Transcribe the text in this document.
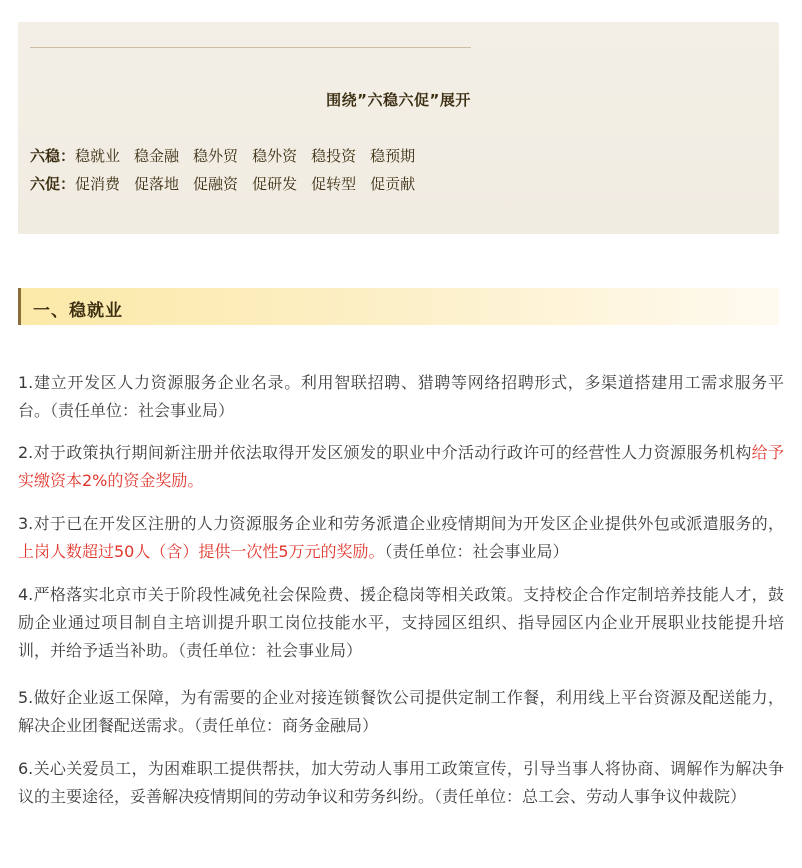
围绕”六稳六促”展开
六稳：稳就业 稳金融 稳外贸 稳外资 稳投资 稳预期
六促：促消费 促落地 促融资 促研发 促转型 促贡献
一、稳就业

1.建立开发区人力资源服务企业名录。利用智联招聘、猎聘等网络招聘形式，多渠道搭建用工需求服务平台。（责任单位：社会事业局）

2.对于政策执行期间新注册并依法取得开发区颁发的职业中介活动行政许可的经营性人力资源服务机构给予实缴资本2%的资金奖励。

3.对于已在开发区注册的人力资源服务企业和劳务派遣企业疫情期间为开发区企业提供外包或派遣服务的，上岗人数超过50人（含）提供一次性5万元的奖励。（责任单位：社会事业局）

4.严格落实北京市关于阶段性减免社会保险费、援企稳岗等相关政策。支持校企合作定制培养技能人才，鼓励企业通过项目制自主培训提升职工岗位技能水平，支持园区组织、指导园区内企业开展职业技能提升培训，并给予适当补助。（责任单位：社会事业局）

5.做好企业返工保障，为有需要的企业对接连锁餐饮公司提供定制工作餐，利用线上平台资源及配送能力，解决企业团餐配送需求。（责任单位：商务金融局）

6.关心关爱员工，为困难职工提供帮扶，加大劳动人事用工政策宣传，引导当事人将协商、调解作为解决争议的主要途径，妥善解决疫情期间的劳动争议和劳务纠纷。（责任单位：总工会、劳动人事争议仲裁院）
